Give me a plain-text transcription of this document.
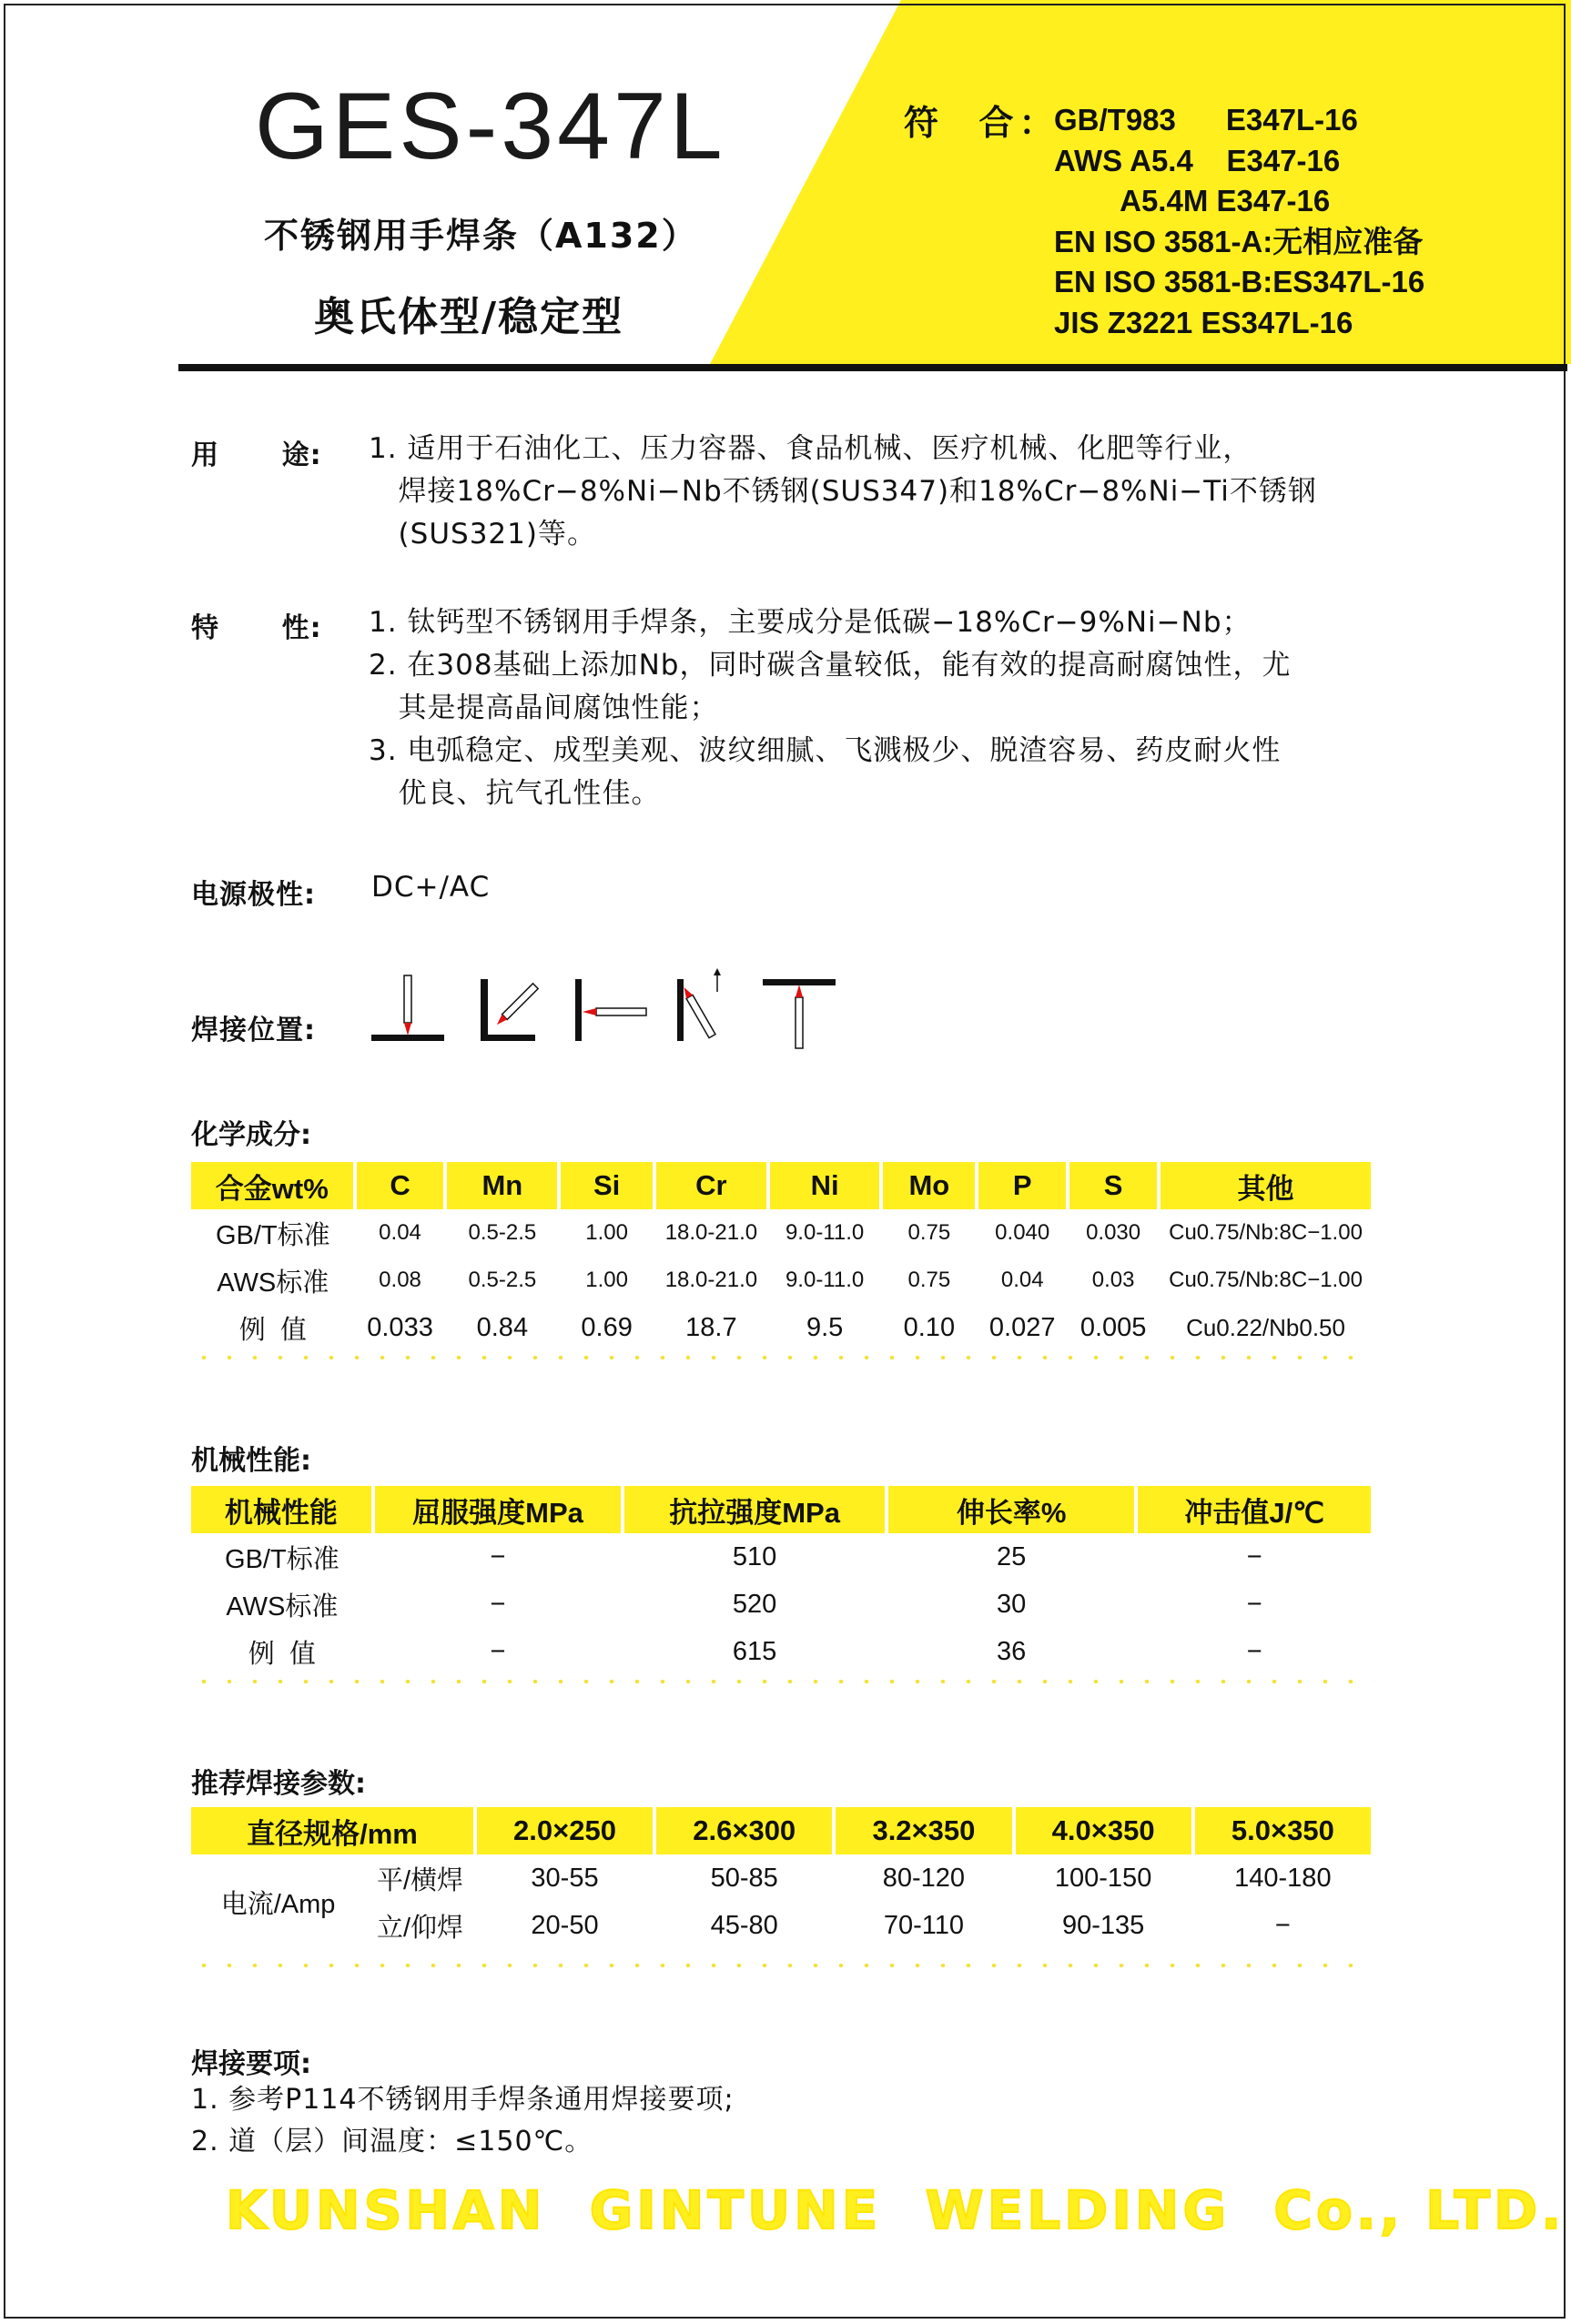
GES-347L
不锈钢用手焊条（A132）
奥氏体型/稳定型
符  合：
GB/T983      E347L-16
AWS A5.4    E347-16
A5.4M E347-16
EN ISO 3581-A:无相应准备
EN ISO 3581-B:ES347L-16
JIS Z3221 ES347L-16
用      途: 1. 适用于石油化工、压力容器、食品机械、医疗机械、化肥等行业，
焊接18%Cr−8%Ni−Nb不锈钢(SUS347)和18%Cr−8%Ni−Ti不锈钢
(SUS321)等。
特      性: 1. 钛钙型不锈钢用手焊条，主要成分是低碳−18%Cr−9%Ni−Nb；
2. 在308基础上添加Nb，同时碳含量较低，能有效的提高耐腐蚀性，尤
其是提高晶间腐蚀性能；
3. 电弧稳定、成型美观、波纹细腻、飞溅极少、脱渣容易、药皮耐火性
优良、抗气孔性佳。
电源极性: DC+/AC
焊接位置:
化学成分:
合金wt%	C	Mn	Si	Cr	Ni	Mo	P	S	其他
GB/T标准	0.04	0.5-2.5	1.00	18.0-21.0	9.0-11.0	0.75	0.040	0.030	Cu0.75/Nb:8C−1.00
AWS标准	0.08	0.5-2.5	1.00	18.0-21.0	9.0-11.0	0.75	0.04	0.03	Cu0.75/Nb:8C−1.00
例  值	0.033	0.84	0.69	18.7	9.5	0.10	0.027	0.005	Cu0.22/Nb0.50
机械性能:
机械性能	屈服强度MPa	抗拉强度MPa	伸长率%	冲击值J/℃
GB/T标准	−	510	25	−
AWS标准	−	520	30	−
例  值	−	615	36	−
推荐焊接参数:
直径规格/mm		2.0×250	2.6×300	3.2×350	4.0×350	5.0×350
电流/Amp	平/横焊	30-55	50-85	80-120	100-150	140-180
	立/仰焊	20-50	45-80	70-110	90-135	−
焊接要项:
1. 参考P114不锈钢用手焊条通用焊接要项;
2. 道（层）间温度：≤150℃。
KUNSHAN  GINTUNE  WELDING  Co., LTD.
